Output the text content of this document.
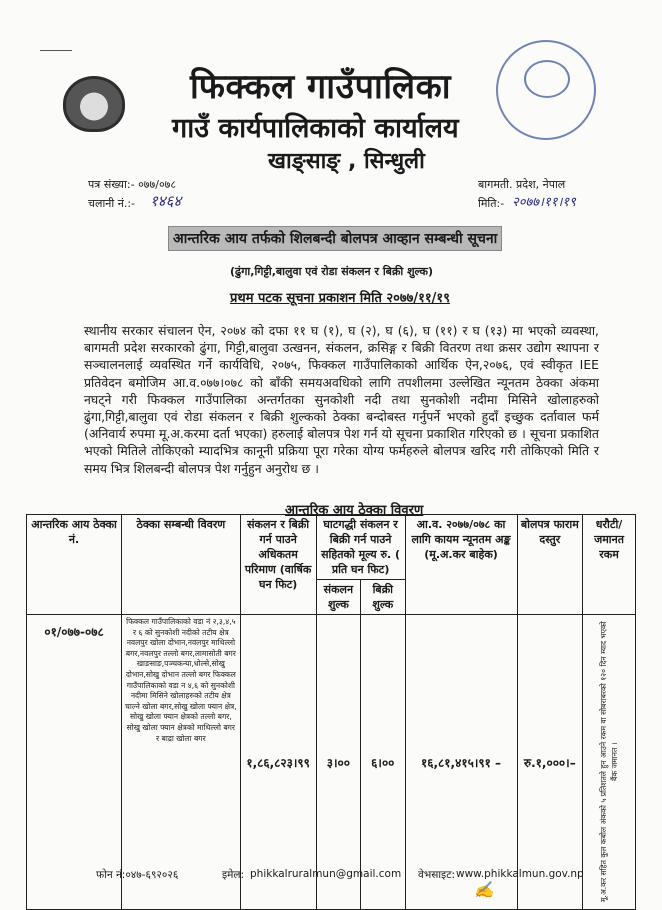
फिक्कल गाउँपालिका
गाउँ कार्यपालिकाको कार्यालय
खाङ्साङ् , सिन्धुली
पत्र संख्या:- ०७७/०७८
चलानी नं.:- १४६४
बागमती. प्रदेश, नेपाल
मिति:- २०७७।११।१९
आन्तरिक आय तर्फको शिलबन्दी बोलपत्र आव्हान सम्बन्धी सूचना
(ढुंगा,गिट्टी,बालुवा एवं रोडा संकलन र बिक्री शुल्क)
प्रथम पटक सूचना प्रकाशन मिति २०७७/११/१९
स्थानीय सरकार संचालन ऐन, २०७४ को दफा ११ घ (१), घ (२), घ (६), घ (११) र घ (१३) मा भएको व्यवस्था, बागमती प्रदेश सरकारको ढुंगा, गिट्टी,बालुवा उत्खनन, संकलन, क्रसिङ्ग र बिक्री वितरण तथा क्रसर उद्योग स्थापना र सञ्चालनलाई व्यवस्थित गर्ने कार्यविधि, २०७५, फिक्कल गाउँपालिकाको आर्थिक ऐन,२०७६, एवं स्वीकृत IEE प्रतिवेदन बमोजिम आ.व.०७७।०७८ को बाँकी समयअवधिको लागि तपशीलमा उल्लेखित न्यूनतम ठेक्का अंकमा नघट्ने गरी फिक्कल गाउँपालिका अन्तर्गतका सुनकोशी नदी तथा सुनकोशी नदीमा मिसिने खोलाहरुको ढुंगा,गिट्टी,बालुवा एवं रोडा संकलन र बिक्री शुल्कको ठेक्का बन्दोबस्त गर्नुपर्ने भएको हुदाँ इच्छुक दर्तावाल फर्म (अनिवार्य रुपमा मू.अ.करमा दर्ता भएका) हरुलाई बोलपत्र पेश गर्न यो सूचना प्रकाशित गरिएको छ । सूचना प्रकाशित भएको मितिले तोकिएको म्यादभित्र कानूनी प्रक्रिया पूरा गरेका योग्य फर्महरुले बोलपत्र खरिद गरी तोकिएको मिति र समय भित्र शिलबन्दी बोलपत्र पेश गर्नुहुन अनुरोध छ ।
आन्तरिक आय ठेक्का विवरण
आन्तरिक आय ठेक्का नं.	ठेक्का सम्बन्धी विवरण	संकलन र बिक्री गर्न पाउने अधिकतम परिमाण (वार्षिक घन फिट)	घाटगद्धी संकलन र बिक्री गर्न पाउने सहितको मूल्य रु. ( प्रति घन फिट)		आ.व. २०७७/०७८ का लागि कायम न्यूनतम अङ्क (मू.अ.कर बाहेक)	बोलपत्र फाराम दस्तुर	धरौटी/ जमानत रकम
			संकलन शुल्क	बिक्री शुल्क			
०१/०७७-०७८	फिक्कल गाउँपालिकाको वडा नं २,३,४,५ र ६ को सुनकोशी नदीको तटीय क्षेत्र नवलपुर खोला दोभान,नवलपुर माथिल्लो बगर,नवलपुर तल्लो बगर,लामासोती बगर खाङसाङ,पञ्चकन्या,धोल्से,सोखु दोभान,सोखु दोभान तल्लो बगर फिक्कल गाउँपालिकाको वडा न ४,६ को सुनकोशी नदीमा मिसिने खोलाहरुको तटीय क्षेत्र चाल्ने खोला बगर,सोखु खोला फ्यान क्षेत्र, सोखु खोला फ्यान क्षेत्रको तल्लो बगर, सोखु खोला फ्यान क्षेत्रको माथिल्लो बगर र बाद्रा खोला बगर	१,८६,८२३।९९	३।००	६।००	१६,८१,४१५।९१ –	रु.१,०००।–	मू.अ.कर सहित कुल कबोल अंकको ५ प्रतिशतले हुन आउने रकम वा सोबराबरको १२० दिन म्याद भएको बैंक जमानत ।
फोन नं:०४७-६९२०२६	इमेल: phikkalruralmun@gmail.com वेभसाइट: www.phikkalmun.gov.np
✍
